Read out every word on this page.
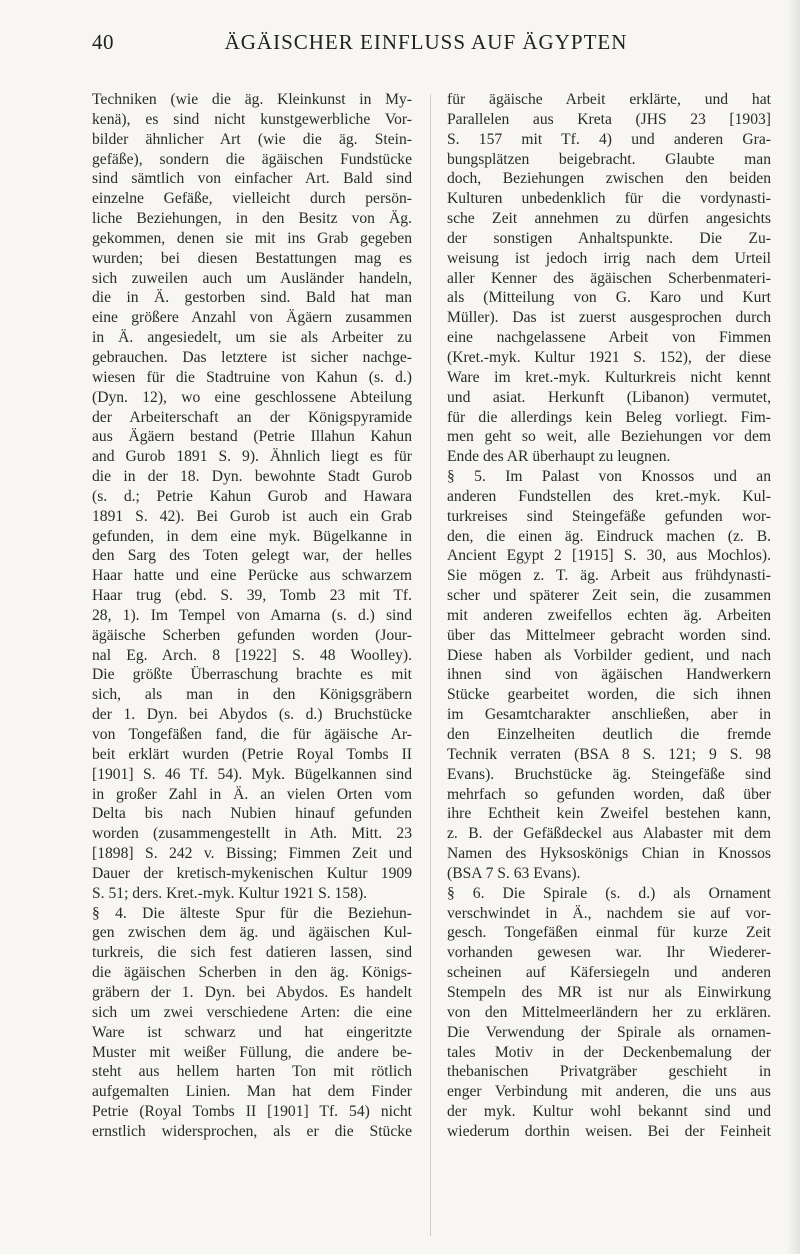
40	ÄGÄISCHER EINFLUSS AUF ÄGYPTEN
Techniken (wie die äg. Kleinkunst in My-
kenä), es sind nicht kunstgewerbliche Vor-
bilder ähnlicher Art (wie die äg. Stein-
gefäße), sondern die ägäischen Fundstücke
sind sämtlich von einfacher Art. Bald sind
einzelne Gefäße, vielleicht durch persön-
liche Beziehungen, in den Besitz von Äg.
gekommen, denen sie mit ins Grab gegeben
wurden; bei diesen Bestattungen mag es
sich zuweilen auch um Ausländer handeln,
die in Ä. gestorben sind. Bald hat man
eine größere Anzahl von Ägäern zusammen
in Ä. angesiedelt, um sie als Arbeiter zu
gebrauchen. Das letztere ist sicher nachge-
wiesen für die Stadtruine von Kahun (s. d.)
(Dyn. 12), wo eine geschlossene Abteilung
der Arbeiterschaft an der Königspyramide
aus Ägäern bestand (Petrie Illahun Kahun
and Gurob 1891 S. 9). Ähnlich liegt es für
die in der 18. Dyn. bewohnte Stadt Gurob
(s. d.; Petrie Kahun Gurob and Hawara
1891 S. 42). Bei Gurob ist auch ein Grab
gefunden, in dem eine myk. Bügelkanne in
den Sarg des Toten gelegt war, der helles
Haar hatte und eine Perücke aus schwarzem
Haar trug (ebd. S. 39, Tomb 23 mit Tf.
28, 1). Im Tempel von Amarna (s. d.) sind
ägäische Scherben gefunden worden (Jour-
nal Eg. Arch. 8 [1922] S. 48 Woolley).
Die größte Überraschung brachte es mit
sich, als man in den Königsgräbern
der 1. Dyn. bei Abydos (s. d.) Bruchstücke
von Tongefäßen fand, die für ägäische Ar-
beit erklärt wurden (Petrie Royal Tombs II
[1901] S. 46 Tf. 54). Myk. Bügelkannen sind
in großer Zahl in Ä. an vielen Orten vom
Delta bis nach Nubien hinauf gefunden
worden (zusammengestellt in Ath. Mitt. 23
[1898] S. 242 v. Bissing; Fimmen Zeit und
Dauer der kretisch-mykenischen Kultur 1909
S. 51; ders. Kret.-myk. Kultur 1921 S. 158).
§ 4. Die älteste Spur für die Beziehun-
gen zwischen dem äg. und ägäischen Kul-
turkreis, die sich fest datieren lassen, sind
die ägäischen Scherben in den äg. Königs-
gräbern der 1. Dyn. bei Abydos. Es handelt
sich um zwei verschiedene Arten: die eine
Ware ist schwarz und hat eingeritzte
Muster mit weißer Füllung, die andere be-
steht aus hellem harten Ton mit rötlich
aufgemalten Linien. Man hat dem Finder
Petrie (Royal Tombs II [1901] Tf. 54) nicht
ernstlich widersprochen, als er die Stücke
für ägäische Arbeit erklärte, und hat
Parallelen aus Kreta (JHS 23 [1903]
S. 157 mit Tf. 4) und anderen Gra-
bungsplätzen beigebracht. Glaubte man
doch, Beziehungen zwischen den beiden
Kulturen unbedenklich für die vordynasti-
sche Zeit annehmen zu dürfen angesichts
der sonstigen Anhaltspunkte. Die Zu-
weisung ist jedoch irrig nach dem Urteil
aller Kenner des ägäischen Scherbenmateri-
als (Mitteilung von G. Karo und Kurt
Müller). Das ist zuerst ausgesprochen durch
eine nachgelassene Arbeit von Fimmen
(Kret.-myk. Kultur 1921 S. 152), der diese
Ware im kret.-myk. Kulturkreis nicht kennt
und asiat. Herkunft (Libanon) vermutet,
für die allerdings kein Beleg vorliegt. Fim-
men geht so weit, alle Beziehungen vor dem
Ende des AR überhaupt zu leugnen.
§ 5. Im Palast von Knossos und an
anderen Fundstellen des kret.-myk. Kul-
turkreises sind Steingefäße gefunden wor-
den, die einen äg. Eindruck machen (z. B.
Ancient Egypt 2 [1915] S. 30, aus Mochlos).
Sie mögen z. T. äg. Arbeit aus frühdynasti-
scher und späterer Zeit sein, die zusammen
mit anderen zweifellos echten äg. Arbeiten
über das Mittelmeer gebracht worden sind.
Diese haben als Vorbilder gedient, und nach
ihnen sind von ägäischen Handwerkern
Stücke gearbeitet worden, die sich ihnen
im Gesamtcharakter anschließen, aber in
den Einzelheiten deutlich die fremde
Technik verraten (BSA 8 S. 121; 9 S. 98
Evans). Bruchstücke äg. Steingefäße sind
mehrfach so gefunden worden, daß über
ihre Echtheit kein Zweifel bestehen kann,
z. B. der Gefäßdeckel aus Alabaster mit dem
Namen des Hyksoskönigs Chian in Knossos
(BSA 7 S. 63 Evans).
§ 6. Die Spirale (s. d.) als Ornament
verschwindet in Ä., nachdem sie auf vor-
gesch. Tongefäßen einmal für kurze Zeit
vorhanden gewesen war. Ihr Wiederer-
scheinen auf Käfersiegeln und anderen
Stempeln des MR ist nur als Einwirkung
von den Mittelmeerländern her zu erklären.
Die Verwendung der Spirale als ornamen-
tales Motiv in der Deckenbemalung der
thebanischen Privatgräber geschieht in
enger Verbindung mit anderen, die uns aus
der myk. Kultur wohl bekannt sind und
wiederum dorthin weisen. Bei der Feinheit
